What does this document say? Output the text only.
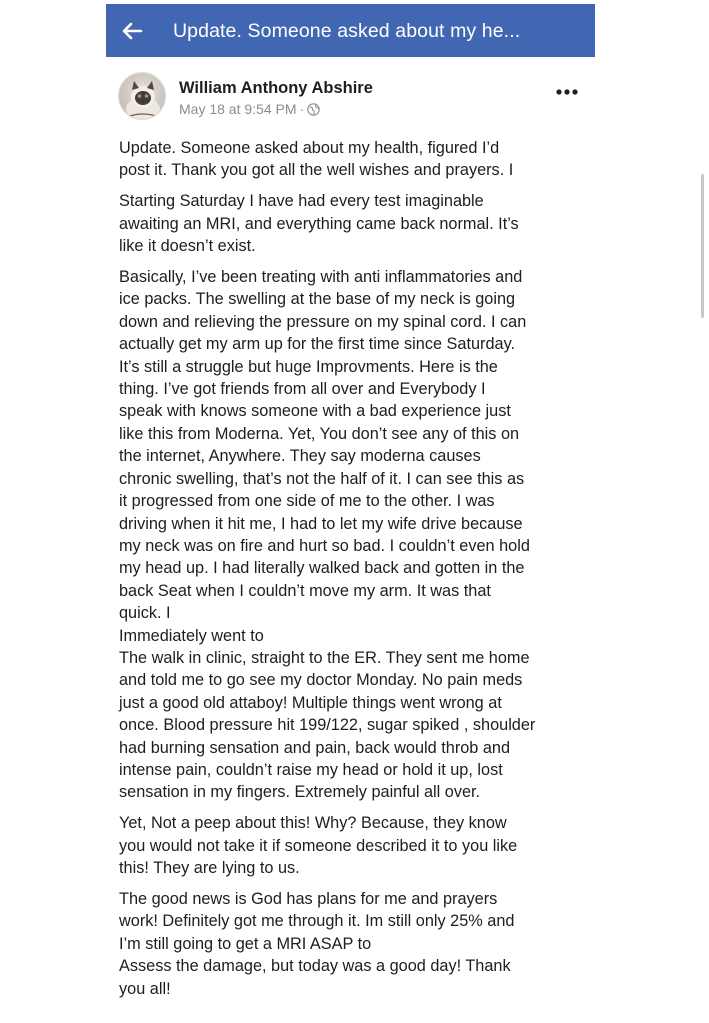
Update. Someone asked about my he...
William Anthony Abshire
May 18 at 9:54 PM ·

Update. Someone asked about my health, figured I’d
post it. Thank you got all the well wishes and prayers. I

Starting Saturday I have had every test imaginable
awaiting an MRI, and everything came back normal. It’s
like it doesn’t exist.

Basically, I’ve been treating with anti inflammatories and
ice packs. The swelling at the base of my neck is going
down and relieving the pressure on my spinal cord. I can
actually get my arm up for the first time since Saturday.
It’s still a struggle but huge Improvments. Here is the
thing. I’ve got friends from all over and Everybody I
speak with knows someone with a bad experience just
like this from Moderna. Yet, You don’t see any of this on
the internet, Anywhere. They say moderna causes
chronic swelling, that’s not the half of it. I can see this as
it progressed from one side of me to the other. I was
driving when it hit me, I had to let my wife drive because
my neck was on fire and hurt so bad. I couldn’t even hold
my head up. I had literally walked back and gotten in the
back Seat when I couldn’t move my arm. It was that
quick. I
Immediately went to
The walk in clinic, straight to the ER. They sent me home
and told me to go see my doctor Monday. No pain meds
just a good old attaboy! Multiple things went wrong at
once. Blood pressure hit 199/122, sugar spiked , shoulder
had burning sensation and pain, back would throb and
intense pain, couldn’t raise my head or hold it up, lost
sensation in my fingers. Extremely painful all over.

Yet, Not a peep about this! Why? Because, they know
you would not take it if someone described it to you like
this! They are lying to us.

The good news is God has plans for me and prayers
work! Definitely got me through it. Im still only 25% and
I’m still going to get a MRI ASAP to
Assess the damage, but today was a good day! Thank
you all!
